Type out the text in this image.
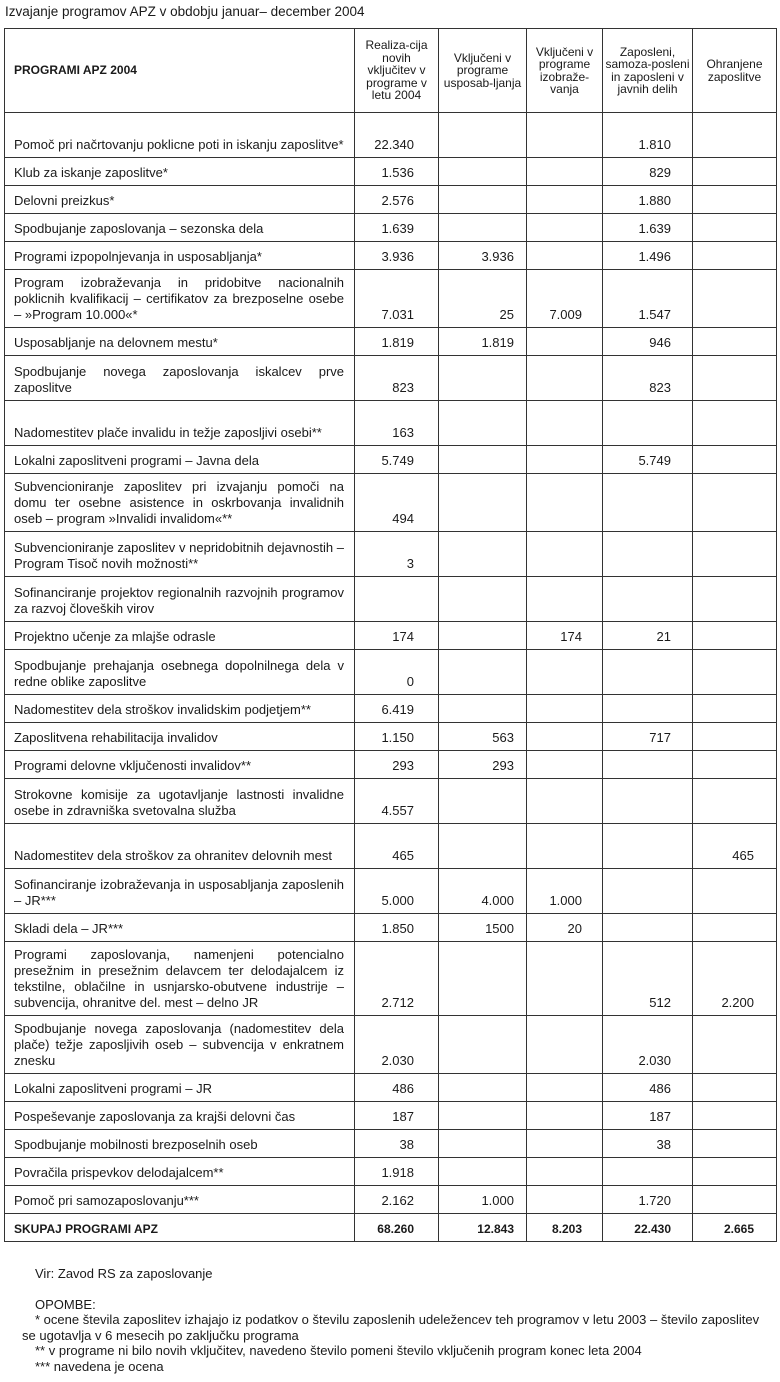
Izvajanje programov APZ v obdobju januar– december 2004
PROGRAMI APZ 2004	Realiza-cija novih vključitev v programe v letu 2004	Vključeni v programe usposab-ljanja	Vključeni v programe izobraže-vanja	Zaposleni, samoza-posleni in zaposleni v javnih delih	Ohranjene zaposlitve
Pomoč pri načrtovanju poklicne poti in iskanju zaposlitve*	22.340			1.810	
Klub za iskanje zaposlitve*	1.536			829	
Delovni preizkus*	2.576			1.880	
Spodbujanje zaposlovanja – sezonska dela	1.639			1.639	
Programi izpopolnjevanja in usposabljanja*	3.936	3.936		1.496	
Program izobraževanja in pridobitve nacionalnih poklicnih kvalifikacij – certifikatov za brezposelne osebe – »Program 10.000«*	7.031	25	7.009	1.547	
Usposabljanje na delovnem mestu*	1.819	1.819		946	
Spodbujanje novega zaposlovanja iskalcev prve zaposlitve	823			823	
Nadomestitev plače invalidu in težje zaposljivi osebi**	163				
Lokalni zaposlitveni programi – Javna dela	5.749			5.749	
Subvencioniranje zaposlitev pri izvajanju pomoči na domu ter osebne asistence in oskrbovanja invalidnih oseb – program »Invalidi invalidom«**	494				
Subvencioniranje zaposlitev v nepridobitnih dejavnostih – Program Tisoč novih možnosti**	3				
Sofinanciranje projektov regionalnih razvojnih programov za razvoj človeških virov					
Projektno učenje za mlajše odrasle	174		174	21	
Spodbujanje prehajanja osebnega dopolnilnega dela v redne oblike zaposlitve	0				
Nadomestitev dela stroškov invalidskim podjetjem**	6.419				
Zaposlitvena rehabilitacija invalidov	1.150	563		717	
Programi delovne vključenosti invalidov**	293	293			
Strokovne komisije za ugotavljanje lastnosti invalidne osebe in zdravniška svetovalna služba	4.557				
Nadomestitev dela stroškov za ohranitev delovnih mest	465				465
Sofinanciranje izobraževanja in usposabljanja zaposlenih – JR***	5.000	4.000	1.000		
Skladi dela – JR***	1.850	1500	20		
Programi zaposlovanja, namenjeni potencialno presežnim in presežnim delavcem ter delodajalcem iz tekstilne, oblačilne in usnjarsko-obutvene industrije – subvencija, ohranitve del. mest – delno JR	2.712			512	2.200
Spodbujanje novega zaposlovanja (nadomestitev dela plače) težje zaposljivih oseb – subvencija v enkratnem znesku	2.030			2.030	
Lokalni zaposlitveni programi – JR	486			486	
Pospeševanje zaposlovanja za krajši delovni čas	187			187	
Spodbujanje mobilnosti brezposelnih oseb	38			38	
Povračila prispevkov delodajalcem**	1.918				
Pomoč pri samozaposlovanju***	2.162	1.000		1.720	
SKUPAJ PROGRAMI APZ	68.260	12.843	8.203	22.430	2.665
Vir: Zavod RS za zaposlovanje
OPOMBE:
* ocene števila zaposlitev izhajajo iz podatkov o številu zaposlenih udeležencev teh programov v letu 2003 – število zaposlitev se ugotavlja v 6 mesecih po zaključku programa
** v programe ni bilo novih vključitev, navedeno število pomeni število vključenih program konec leta 2004
*** navedena je ocena
